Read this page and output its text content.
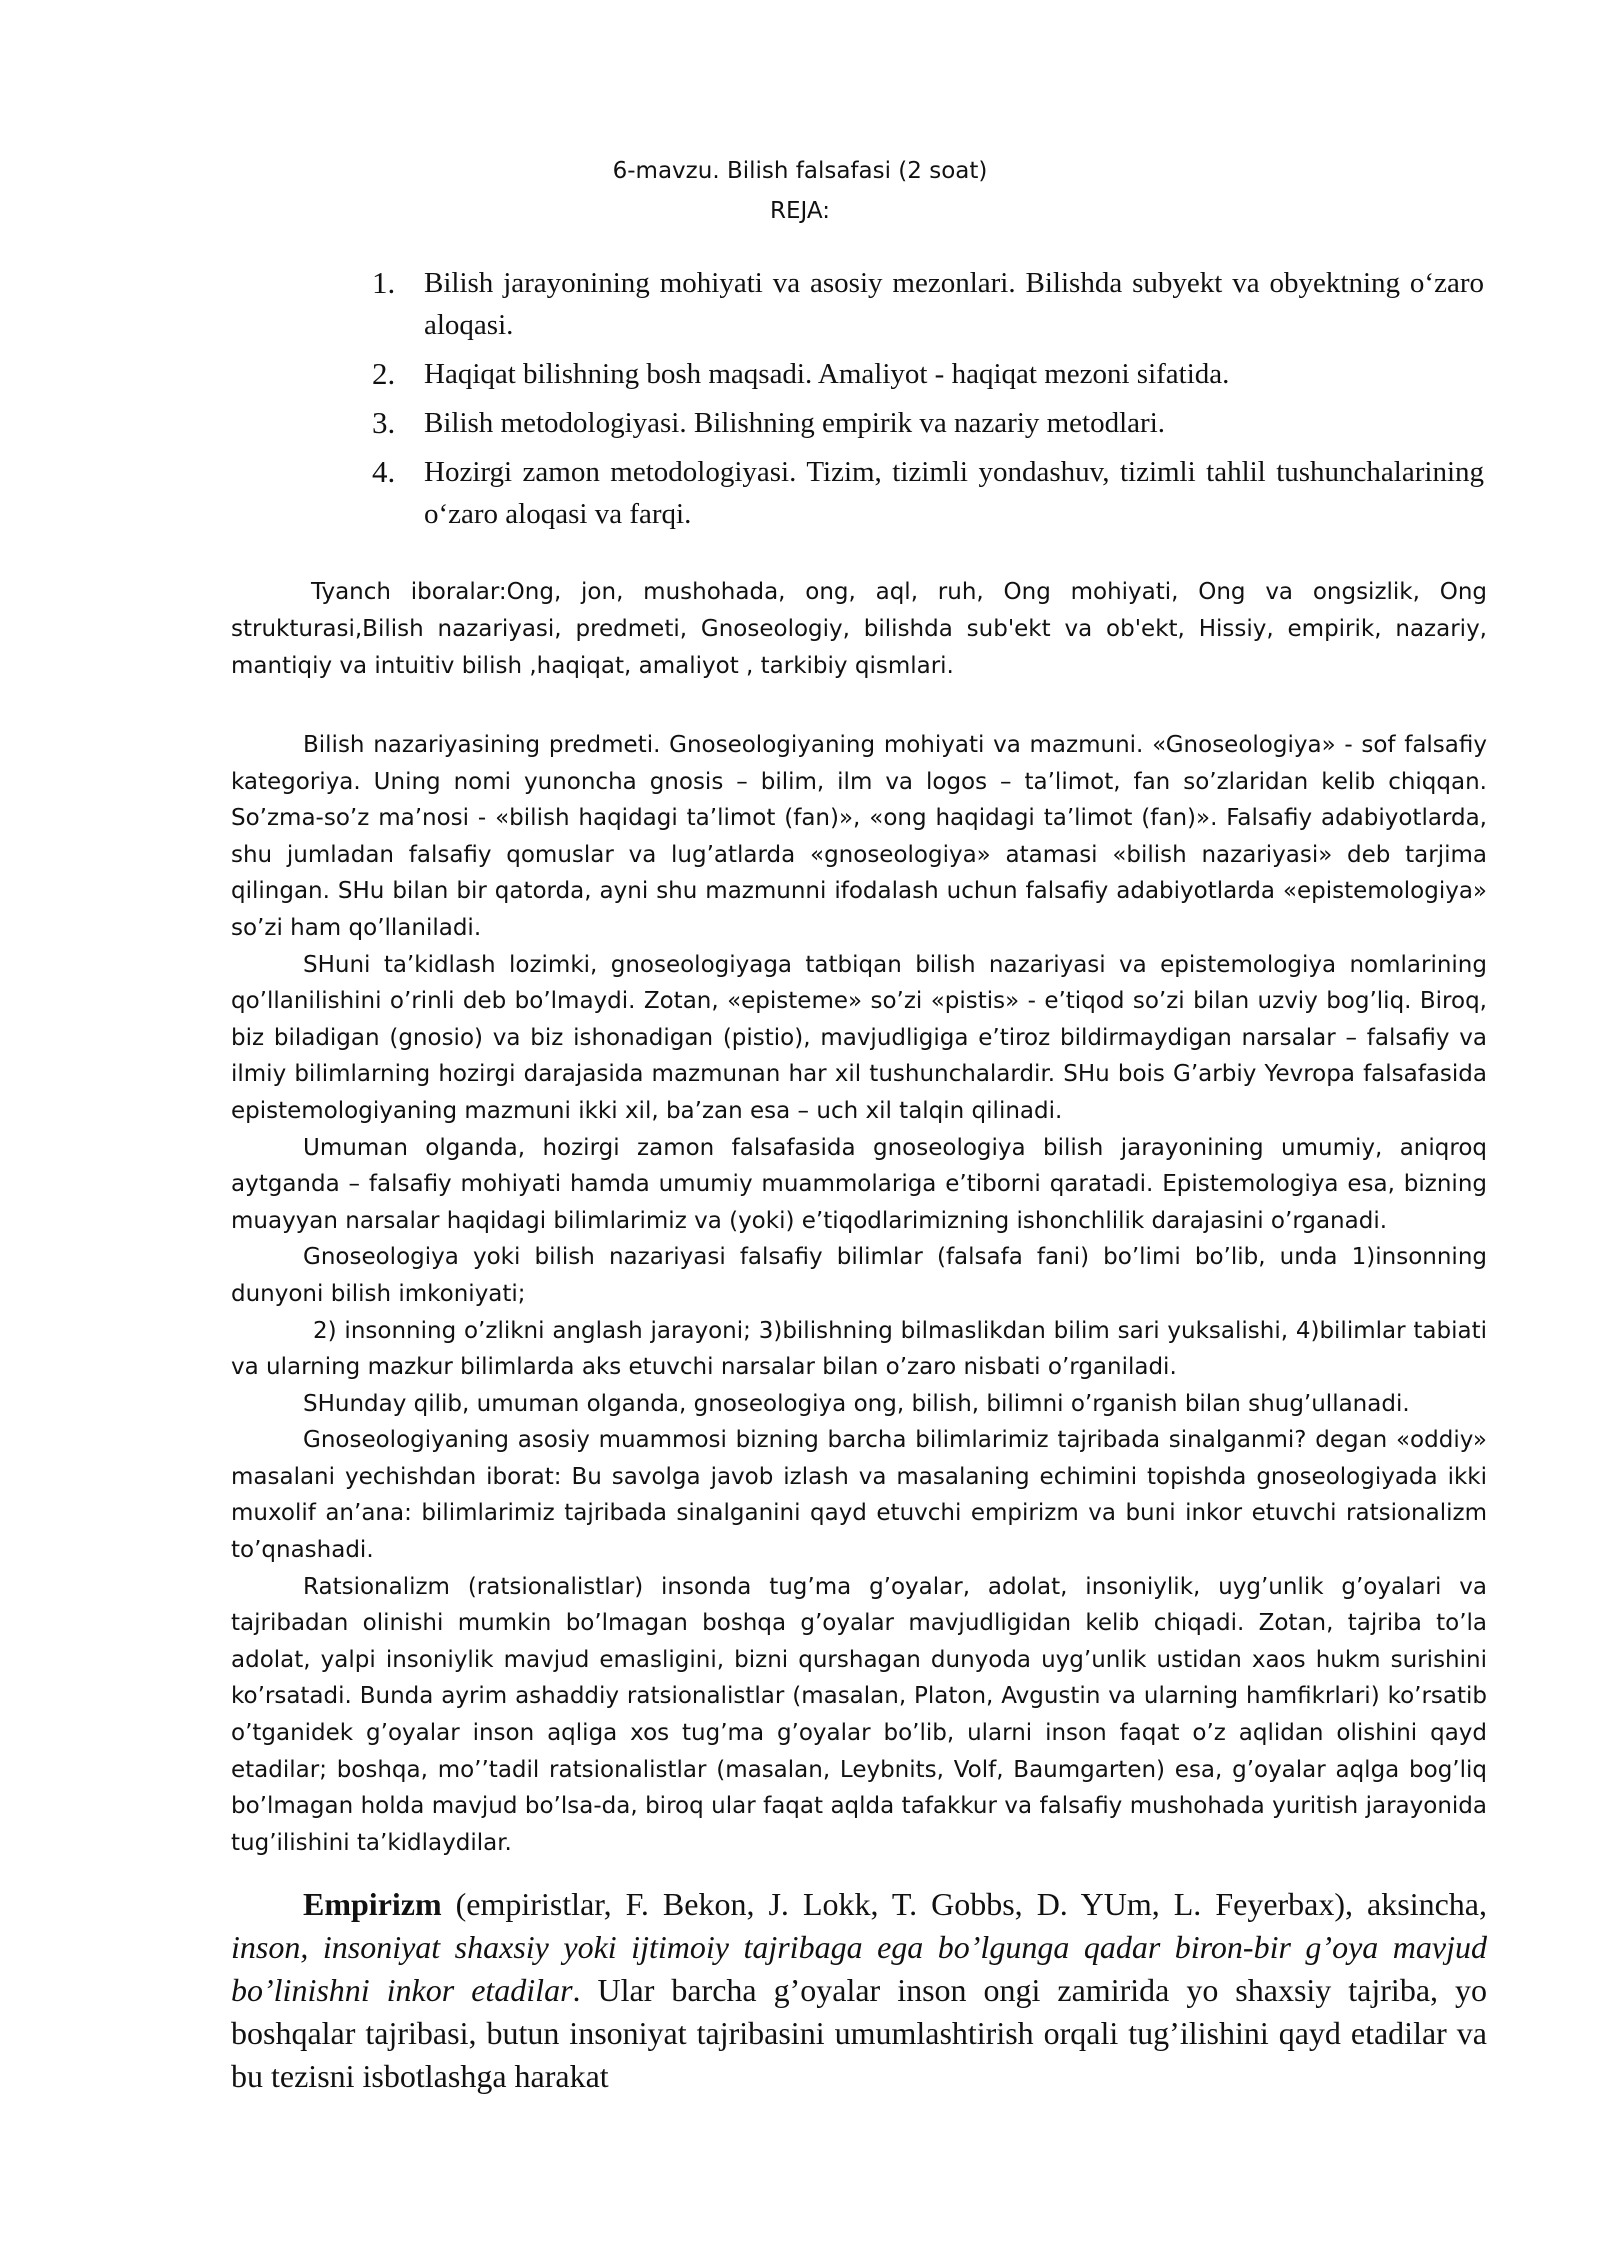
6-mavzu. Bilish falsafasi (2 soat)
REJA:
1. Bilish jarayonining mohiyati va asosiy mezonlari. Bilishda subyekt va obyektning o‘zaro aloqasi.
2. Haqiqat bilishning bosh maqsadi. Amaliyot - haqiqat mezoni sifatida.
3. Bilish metodologiyasi. Bilishning empirik va nazariy metodlari.
4. Hozirgi zamon metodologiyasi. Tizim, tizimli yondashuv, tizimli tahlil tushunchalarining o‘zaro aloqasi va farqi.
Tyanch iboralar:Ong, jon, mushohada, ong, aql, ruh, Ong mohiyati, Ong va ongsizlik, Ong strukturasi,Bilish nazariyasi, predmeti, Gnoseologiy, bilishda sub'ekt va ob'ekt, Hissiy, empirik, nazariy, mantiqiy va intuitiv bilish ,haqiqat, amaliyot , tarkibiy qismlari.

Bilish nazariyasining predmeti. Gnoseologiyaning mohiyati va mazmuni. «Gnoseologiya» - sof falsafiy kategoriya. Uning nomi yunoncha gnosis – bilim, ilm va logos – ta’limot, fan so’zlaridan kelib chiqqan. So’zma-so’z ma’nosi - «bilish haqidagi ta’limot (fan)», «ong haqidagi ta’limot (fan)». Falsafiy adabiyotlarda, shu jumladan falsafiy qomuslar va lug’atlarda «gnoseologiya» atamasi «bilish nazariyasi» deb tarjima qilingan. SHu bilan bir qatorda, ayni shu mazmunni ifodalash uchun falsafiy adabiyotlarda «epistemologiya» so’zi ham qo’llaniladi.

SHuni ta’kidlash lozimki, gnoseologiyaga tatbiqan bilish nazariyasi va epistemologiya nomlarining qo’llanilishini o’rinli deb bo’lmaydi. Zotan, «episteme» so’zi «pistis» - e’tiqod so’zi bilan uzviy bog’liq. Biroq, biz biladigan (gnosio) va biz ishonadigan (pistio), mavjudligiga e’tiroz bildirmaydigan narsalar – falsafiy va ilmiy bilimlarning hozirgi darajasida mazmunan har xil tushunchalardir. SHu bois G’arbiy Yevropa falsafasida epistemologiyaning mazmuni ikki xil, ba’zan esa – uch xil talqin qilinadi.

Umuman olganda, hozirgi zamon falsafasida gnoseologiya bilish jarayonining umumiy, aniqroq aytganda – falsafiy mohiyati hamda umumiy muammolariga e’tiborni qaratadi. Epistemologiya esa, bizning muayyan narsalar haqidagi bilimlarimiz va (yoki) e’tiqodlarimizning ishonchlilik darajasini o’rganadi.

Gnoseologiya yoki bilish nazariyasi falsafiy bilimlar (falsafa fani) bo’limi bo’lib, unda 1)insonning dunyoni bilish imkoniyati;

2) insonning o’zlikni anglash jarayoni; 3)bilishning bilmaslikdan bilim sari yuksalishi, 4)bilimlar tabiati va ularning mazkur bilimlarda aks etuvchi narsalar bilan o’zaro nisbati o’rganiladi.

SHunday qilib, umuman olganda, gnoseologiya ong, bilish, bilimni o’rganish bilan shug’ullanadi.

Gnoseologiyaning asosiy muammosi bizning barcha bilimlarimiz tajribada sinalganmi? degan «oddiy» masalani yechishdan iborat: Bu savolga javob izlash va masalaning echimini topishda gnoseologiyada ikki muxolif an’ana: bilimlarimiz tajribada sinalganini qayd etuvchi empirizm va buni inkor etuvchi ratsionalizm to’qnashadi.

Ratsionalizm (ratsionalistlar) insonda tug’ma g’oyalar, adolat, insoniylik, uyg’unlik g’oyalari va tajribadan olinishi mumkin bo’lmagan boshqa g’oyalar mavjudligidan kelib chiqadi. Zotan, tajriba to’la adolat, yalpi insoniylik mavjud emasligini, bizni qurshagan dunyoda uyg’unlik ustidan xaos hukm surishini ko’rsatadi. Bunda ayrim ashaddiy ratsionalistlar (masalan, Platon, Avgustin va ularning hamfikrlari) ko’rsatib o’tganidek g’oyalar inson aqliga xos tug’ma g’oyalar bo’lib, ularni inson faqat o’z aqlidan olishini qayd etadilar; boshqa, mo’’tadil ratsionalistlar (masalan, Leybnits, Volf, Baumgarten) esa, g’oyalar aqlga bog’liq bo’lmagan holda mavjud bo’lsa-da, biroq ular faqat aqlda tafakkur va falsafiy mushohada yuritish jarayonida tug’ilishini ta’kidlaydilar.

Empirizm (empiristlar, F. Bekon, J. Lokk, T. Gobbs, D. YUm, L. Feyerbax), aksincha, inson, insoniyat shaxsiy yoki ijtimoiy tajribaga ega bo’lgunga qadar biron-bir g’oya mavjud bo’linishni inkor etadilar. Ular barcha g’oyalar inson ongi zamirida yo shaxsiy tajriba, yo boshqalar tajribasi, butun insoniyat tajribasini umumlashtirish orqali tug’ilishini qayd etadilar va bu tezisni isbotlashga harakat
